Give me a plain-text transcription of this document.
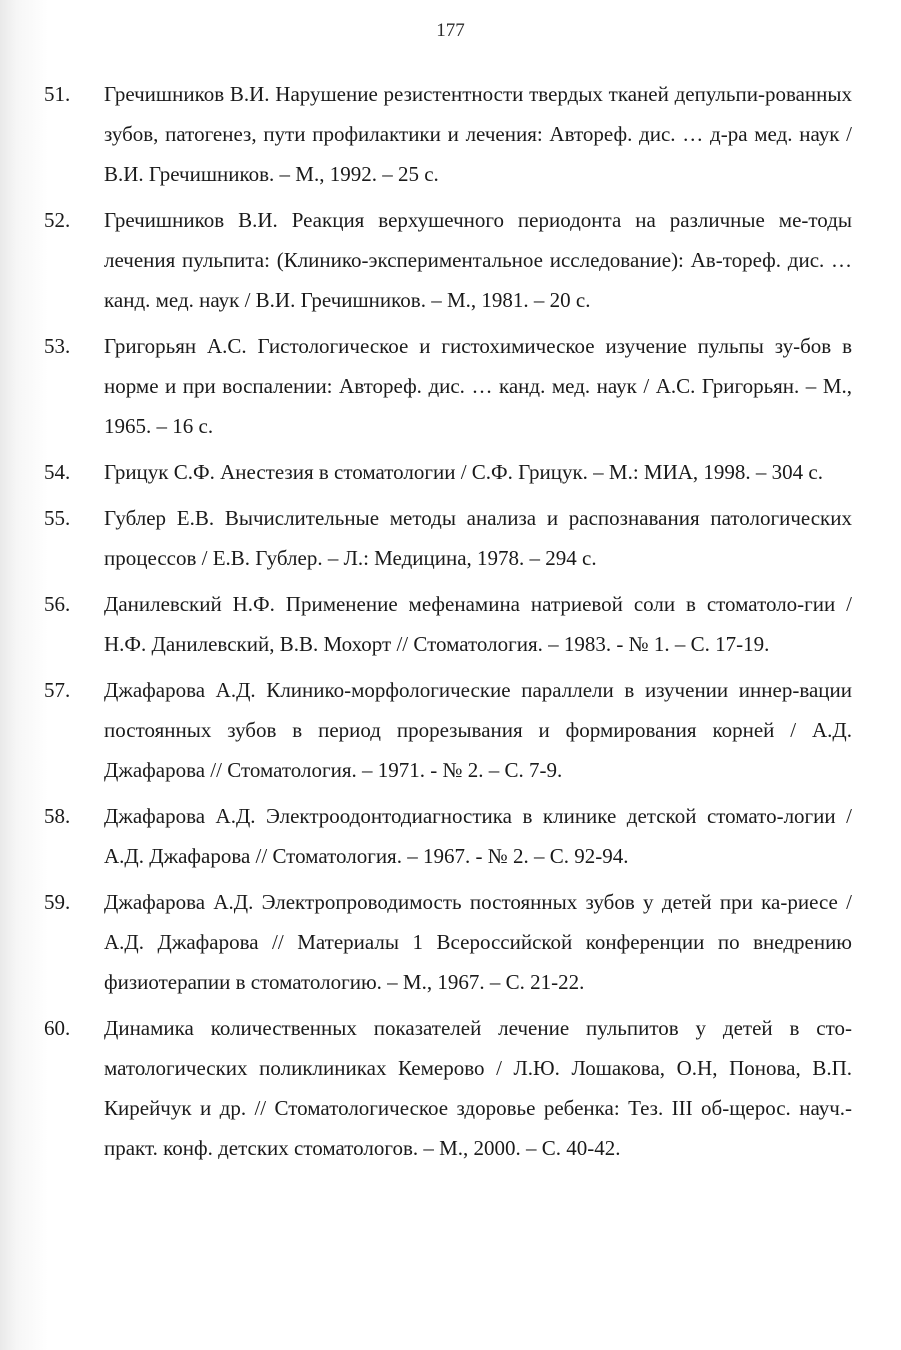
177
51. Гречишников В.И. Нарушение резистентности твердых тканей депульпи-рованных зубов, патогенез, пути профилактики и лечения: Автореф. дис. … д-ра мед. наук / В.И. Гречишников. – М., 1992. – 25 с.
52. Гречишников В.И. Реакция верхушечного периодонта на различные ме-тоды лечения пульпита: (Клинико-экспериментальное исследование): Ав-тореф. дис. … канд. мед. наук / В.И. Гречишников. – М., 1981. – 20 с.
53. Григорьян А.С. Гистологическое и гистохимическое изучение пульпы зу-бов в норме и при воспалении: Автореф. дис. … канд. мед. наук / А.С. Григорьян. – М., 1965. – 16 с.
54. Грицук С.Ф. Анестезия в стоматологии / С.Ф. Грицук. – М.: МИА, 1998. – 304 с.
55. Гублер Е.В. Вычислительные методы анализа и распознавания патологических процессов / Е.В. Гублер. – Л.: Медицина, 1978. – 294 с.
56. Данилевский Н.Ф. Применение мефенамина натриевой соли в стоматоло-гии / Н.Ф. Данилевский, В.В. Мохорт // Стоматология. – 1983. - № 1. – С. 17-19.
57. Джафарова А.Д. Клинико-морфологические параллели в изучении иннер-вации постоянных зубов в период прорезывания и формирования корней / А.Д. Джафарова // Стоматология. – 1971. - № 2. – С. 7-9.
58. Джафарова А.Д. Электроодонтодиагностика в клинике детской стомато-логии / А.Д. Джафарова // Стоматология. – 1967. - № 2. – С. 92-94.
59. Джафарова А.Д. Электропроводимость постоянных зубов у детей при ка-риесе / А.Д. Джафарова // Материалы 1 Всероссийской конференции по внедрению физиотерапии в стоматологию. – М., 1967. – С. 21-22.
60. Динамика количественных показателей лечение пульпитов у детей в сто-матологических поликлиниках Кемерово / Л.Ю. Лошакова, О.Н, Понова, В.П. Кирейчук и др. // Стоматологическое здоровье ребенка: Тез. III об-щерос. науч.-практ. конф. детских стоматологов. – М., 2000. – С. 40-42.
